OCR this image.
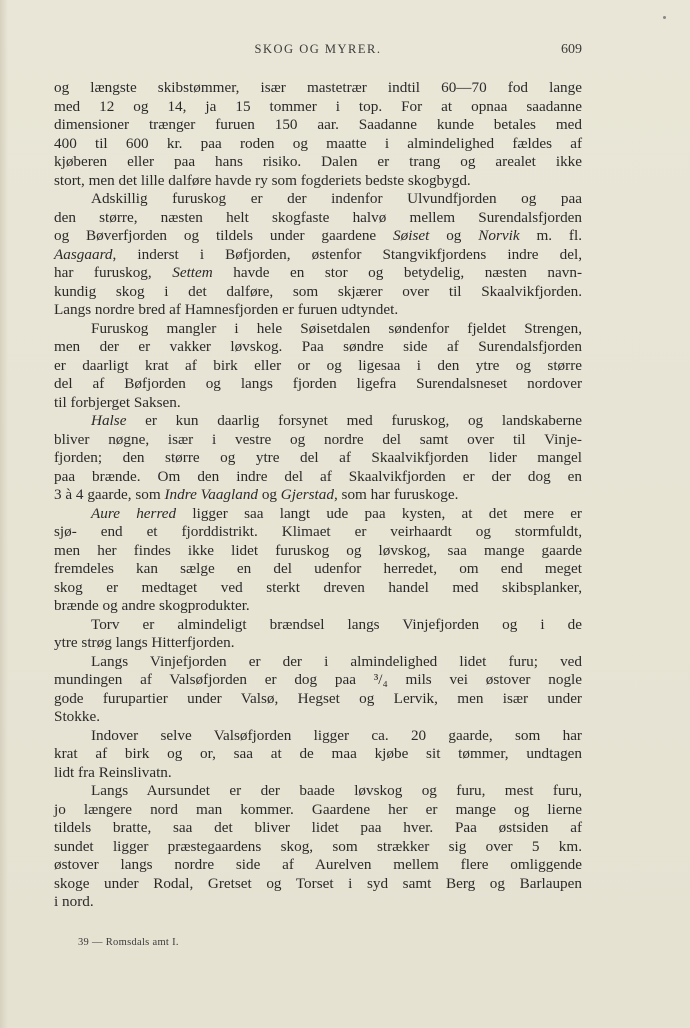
SKOG OG MYRER.	609
og længste skibstømmer, især mastetrær indtil 60—70 fod lange
med 12 og 14, ja 15 tommer i top. For at opnaa saadanne
dimensioner trænger furuen 150 aar. Saadanne kunde betales med
400 til 600 kr. paa roden og maatte i almindelighed fældes af
kjøberen eller paa hans risiko. Dalen er trang og arealet ikke
stort, men det lille dalføre havde ry som fogderiets bedste skogbygd.
Adskillig furuskog er der indenfor Ulvundfjorden og paa
den større, næsten helt skogfaste halvø mellem Surendalsfjorden
og Bøverfjorden og tildels under gaardene Søiset og Norvik m. fl.
Aasgaard, inderst i Bøfjorden, østenfor Stangvikfjordens indre del,
har furuskog, Settem havde en stor og betydelig, næsten navn-
kundig skog i det dalføre, som skjærer over til Skaalvikfjorden.
Langs nordre bred af Hamnesfjorden er furuen udtyndet.
Furuskog mangler i hele Søisetdalen søndenfor fjeldet Strengen,
men der er vakker løvskog. Paa søndre side af Surendalsfjorden
er daarligt krat af birk eller or og ligesaa i den ytre og større
del af Bøfjorden og langs fjorden ligefra Surendalsneset nordover
til forbjerget Saksen.
Halse er kun daarlig forsynet med furuskog, og landskaberne
bliver nøgne, især i vestre og nordre del samt over til Vinje-
fjorden; den større og ytre del af Skaalvikfjorden lider mangel
paa brænde. Om den indre del af Skaalvikfjorden er der dog en
3 à 4 gaarde, som Indre Vaagland og Gjerstad, som har furuskoge.
Aure herred ligger saa langt ude paa kysten, at det mere er
sjø- end et fjorddistrikt. Klimaet er veirhaardt og stormfuldt,
men her findes ikke lidet furuskog og løvskog, saa mange gaarde
fremdeles kan sælge en del udenfor herredet, om end meget
skog er medtaget ved sterkt dreven handel med skibsplanker,
brænde og andre skogprodukter.
Torv er almindeligt brændsel langs Vinjefjorden og i de
ytre strøg langs Hitterfjorden.
Langs Vinjefjorden er der i almindelighed lidet furu; ved
mundingen af Valsøfjorden er dog paa ³/₄ mils vei østover nogle
gode furupartier under Valsø, Hegset og Lervik, men især under
Stokke.
Indover selve Valsøfjorden ligger ca. 20 gaarde, som har
krat af birk og or, saa at de maa kjøbe sit tømmer, undtagen
lidt fra Reinslivatn.
Langs Aursundet er der baade løvskog og furu, mest furu,
jo længere nord man kommer. Gaardene her er mange og lierne
tildels bratte, saa det bliver lidet paa hver. Paa østsiden af
sundet ligger præstegaardens skog, som strækker sig over 5 km.
østover langs nordre side af Aurelven mellem flere omliggende
skoge under Rodal, Gretset og Torset i syd samt Berg og Barlaupen
i nord.
39 — Romsdals amt I.
